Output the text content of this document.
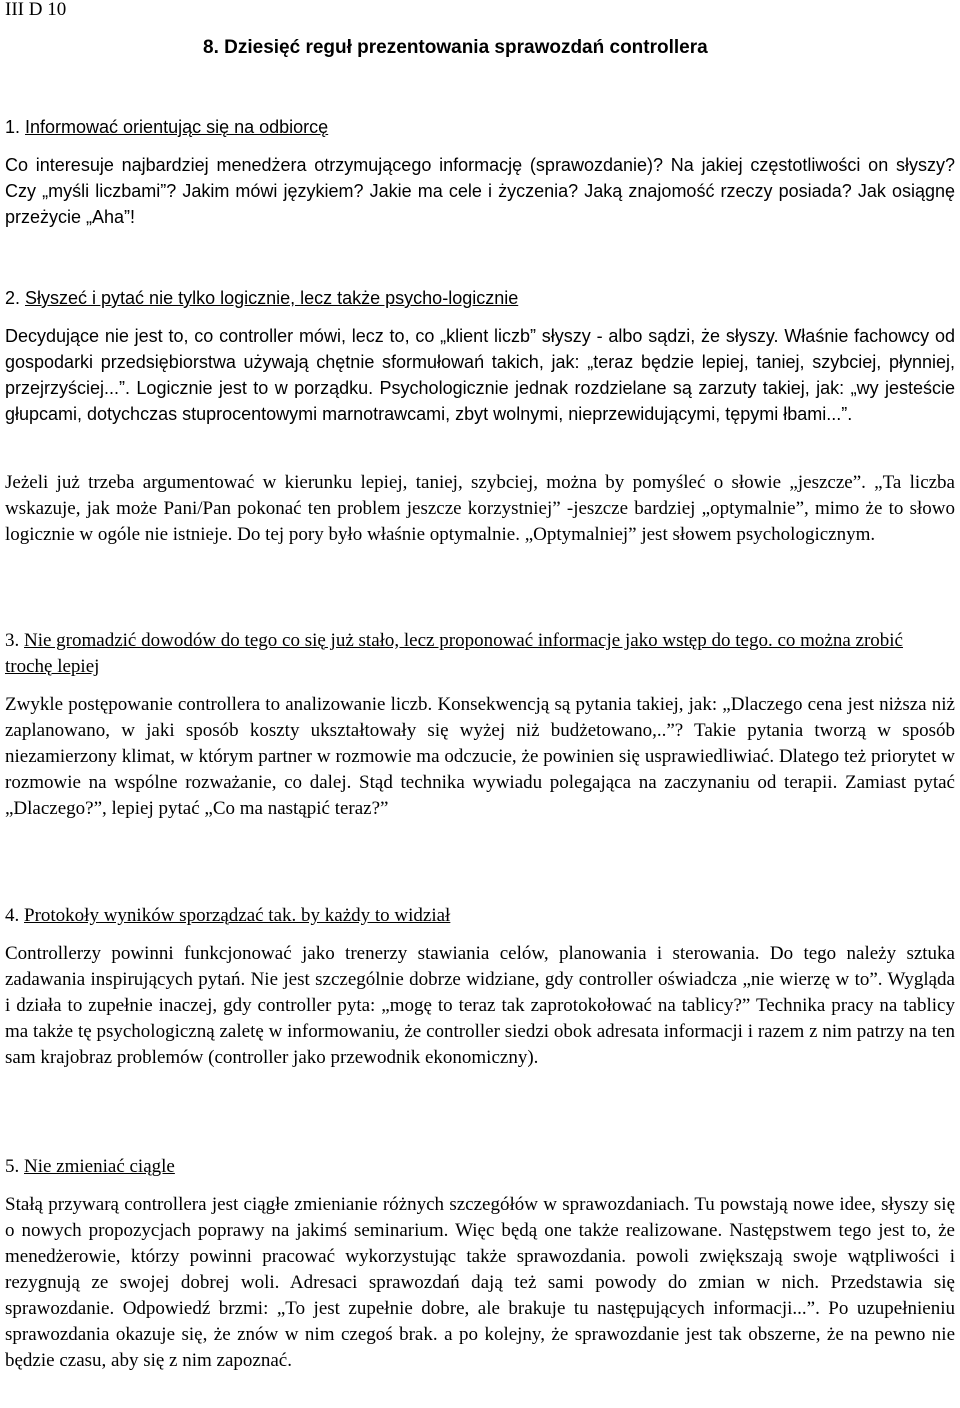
III D 10
8. Dziesięć reguł prezentowania sprawozdań controllera
1. Informować orientując się na odbiorcę
Co interesuje najbardziej menedżera otrzymującego informację (sprawozdanie)? Na jakiej częstotliwości on słyszy? Czy „myśli liczbami”? Jakim mówi językiem? Jakie ma cele i życzenia? Jaką znajomość rzeczy posiada? Jak osiągnę przeżycie „Aha”!
2. Słyszeć i pytać nie tylko logicznie, lecz także psycho-logicznie
Decydujące nie jest to, co controller mówi, lecz to, co „klient liczb” słyszy - albo sądzi, że słyszy. Właśnie fachowcy od gospodarki przedsiębiorstwa używają chętnie sformułowań takich, jak: „teraz będzie lepiej, taniej, szybciej, płynniej, przejrzyściej...”. Logicznie jest to w porządku. Psychologicznie jednak rozdzielane są zarzuty takiej, jak: „wy jesteście głupcami, dotychczas stuprocentowymi marnotrawcami, zbyt wolnymi, nieprzewidującymi, tępymi łbami...”.
Jeżeli już trzeba argumentować w kierunku lepiej, taniej, szybciej, można by pomyśleć o słowie „jeszcze”. „Ta liczba wskazuje, jak może Pani/Pan pokonać ten problem jeszcze korzystniej” -jeszcze bardziej „optymalnie”, mimo że to słowo logicznie w ogóle nie istnieje. Do tej pory było właśnie optymalnie. „Optymalniej” jest słowem psychologicznym.
3. Nie gromadzić dowodów do tego co się już stało, lecz proponować informacje jako wstęp do tego. co można zrobić trochę lepiej
Zwykle postępowanie controllera to analizowanie liczb. Konsekwencją są pytania takiej, jak: „Dlaczego cena jest niższa niż zaplanowano, w jaki sposób koszty ukształtowały się wyżej niż budżetowano,..”? Takie pytania tworzą w sposób niezamierzony klimat, w którym partner w rozmowie ma odczucie, że powinien się usprawiedliwiać. Dlatego też priorytet w rozmowie na wspólne rozważanie, co dalej. Stąd technika wywiadu polegająca na zaczynaniu od terapii. Zamiast pytać „Dlaczego?”, lepiej pytać „Co ma nastąpić teraz?”
4. Protokoły wyników sporządzać tak. by każdy to widział
Controllerzy powinni funkcjonować jako trenerzy stawiania celów, planowania i sterowania. Do tego należy sztuka zadawania inspirujących pytań. Nie jest szczególnie dobrze widziane, gdy controller oświadcza „nie wierzę w to”. Wygląda i działa to zupełnie inaczej, gdy controller pyta: „mogę to teraz tak zaprotokołować na tablicy?” Technika pracy na tablicy ma także tę psychologiczną zaletę w informowaniu, że controller siedzi obok adresata informacji i razem z nim patrzy na ten sam krajobraz problemów (controller jako przewodnik ekonomiczny).
5. Nie zmieniać ciągle
Stałą przywarą controllera jest ciągłe zmienianie różnych szczegółów w sprawozdaniach. Tu powstają nowe idee, słyszy się o nowych propozycjach poprawy na jakimś seminarium. Więc będą one także realizowane. Następstwem tego jest to, że menedżerowie, którzy powinni pracować wykorzystując także sprawozdania. powoli zwiększają swoje wątpliwości i rezygnują ze swojej dobrej woli. Adresaci sprawozdań dają też sami powody do zmian w nich. Przedstawia się sprawozdanie. Odpowiedź brzmi: „To jest zupełnie dobre, ale brakuje tu następujących informacji...”. Po uzupełnieniu sprawozdania okazuje się, że znów w nim czegoś brak. a po kolejny, że sprawozdanie jest tak obszerne, że na pewno nie będzie czasu, aby się z nim zapoznać.
